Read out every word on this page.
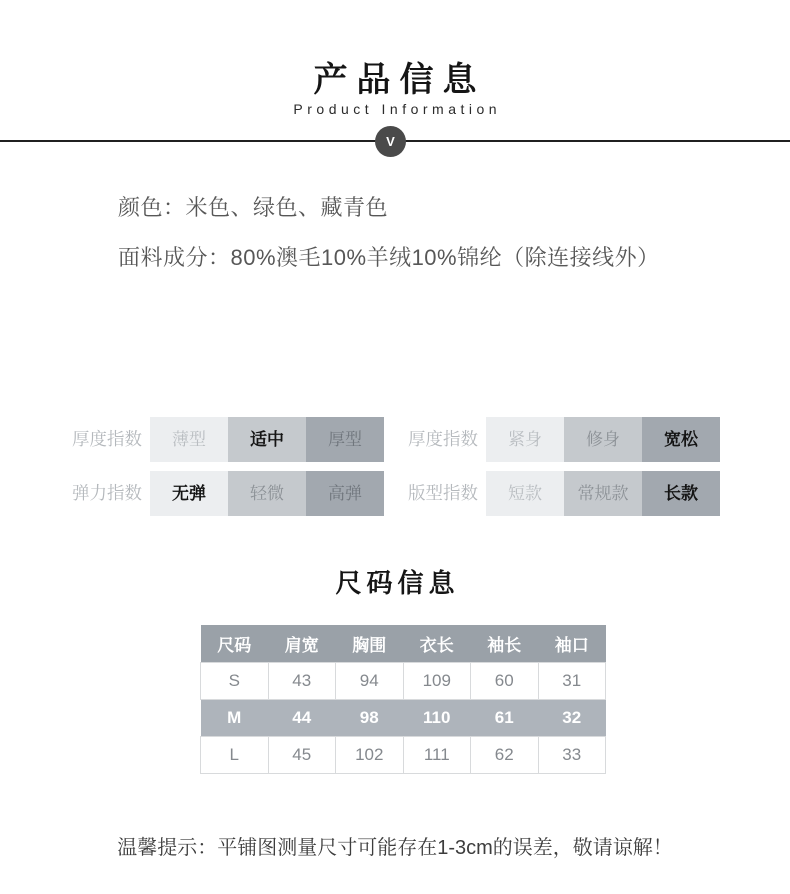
产品信息
Product Information
V
颜色：米色、绿色、藏青色
面料成分：80%澳毛10%羊绒10%锦纶（除连接线外）
厚度指数	薄型	适中	厚型
弹力指数	无弹	轻微	高弹
厚度指数	紧身	修身	宽松
版型指数	短款	常规款	长款
尺码信息
尺码	肩宽	胸围	衣长	袖长	袖口
S	43	94	109	60	31
M	44	98	110	61	32
L	45	102	111	62	33
温馨提示：平铺图测量尺寸可能存在1-3cm的误差，敬请谅解！
